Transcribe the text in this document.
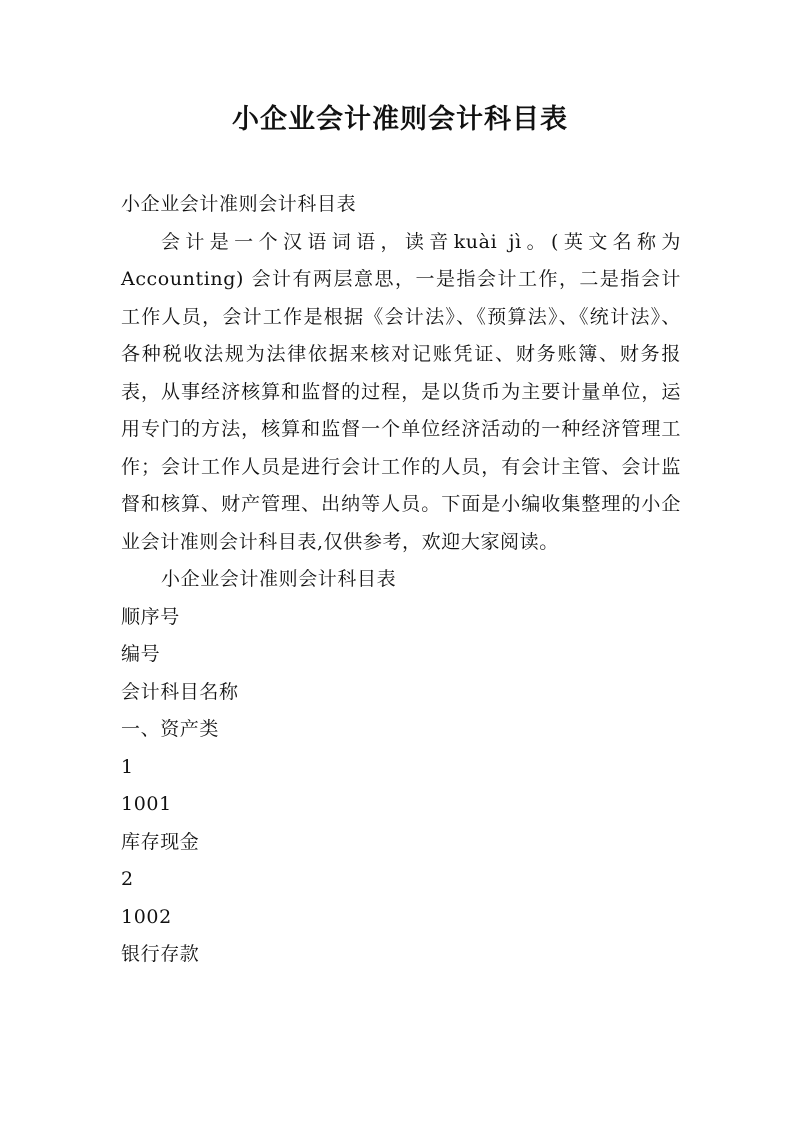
小企业会计准则会计科目表

小企业会计准则会计科目表

会计是一个汉语词语，读音kuài jì。(英文名称为Accounting) 会计有两层意思，一是指会计工作，二是指会计工作人员，会计工作是根据《会计法》、《预算法》、《统计法》、各种税收法规为法律依据来核对记账凭证、财务账簿、财务报表，从事经济核算和监督的过程，是以货币为主要计量单位，运用专门的方法，核算和监督一个单位经济活动的一种经济管理工作；会计工作人员是进行会计工作的人员，有会计主管、会计监督和核算、财产管理、出纳等人员。下面是小编收集整理的小企业会计准则会计科目表,仅供参考，欢迎大家阅读。

小企业会计准则会计科目表

顺序号

编号

会计科目名称

一、资产类

1

1001

库存现金

2

1002

银行存款
